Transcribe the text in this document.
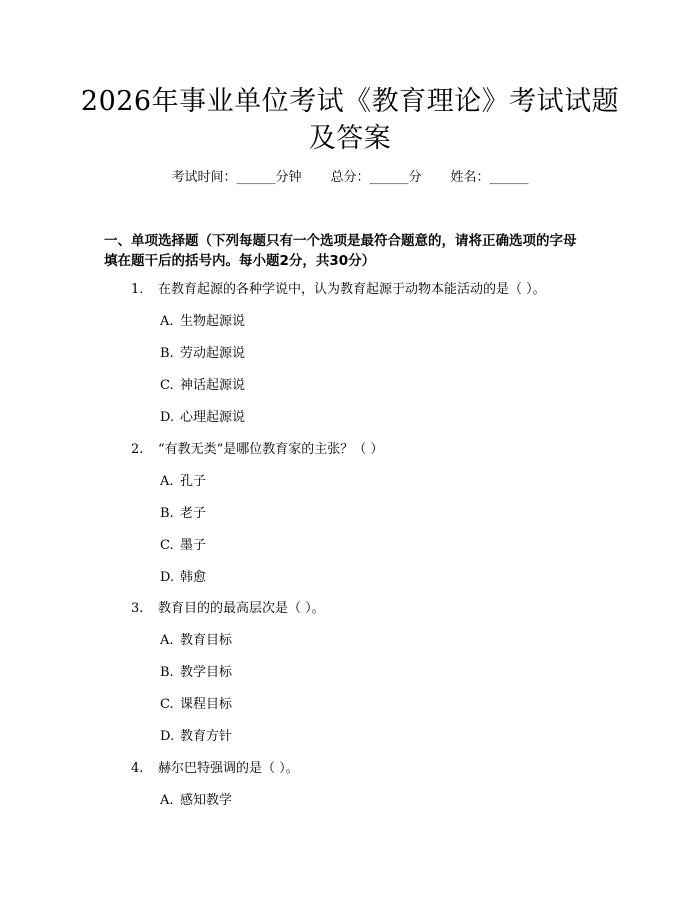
2026年事业单位考试《教育理论》考试试题
及答案
考试时间：______分钟 总分：______分 姓名：______
一、单项选择题（下列每题只有一个选项是最符合题意的，请将正确选项的字母
填在题干后的括号内。每小题2分，共30分）
1. 在教育起源的各种学说中，认为教育起源于动物本能活动的是（ ）。
A. 生物起源说
B. 劳动起源说
C. 神话起源说
D. 心理起源说
2. “有教无类”是哪位教育家的主张？（ ）
A. 孔子
B. 老子
C. 墨子
D. 韩愈
3. 教育目的的最高层次是（ ）。
A. 教育目标
B. 教学目标
C. 课程目标
D. 教育方针
4. 赫尔巴特强调的是（ ）。
A. 感知教学
